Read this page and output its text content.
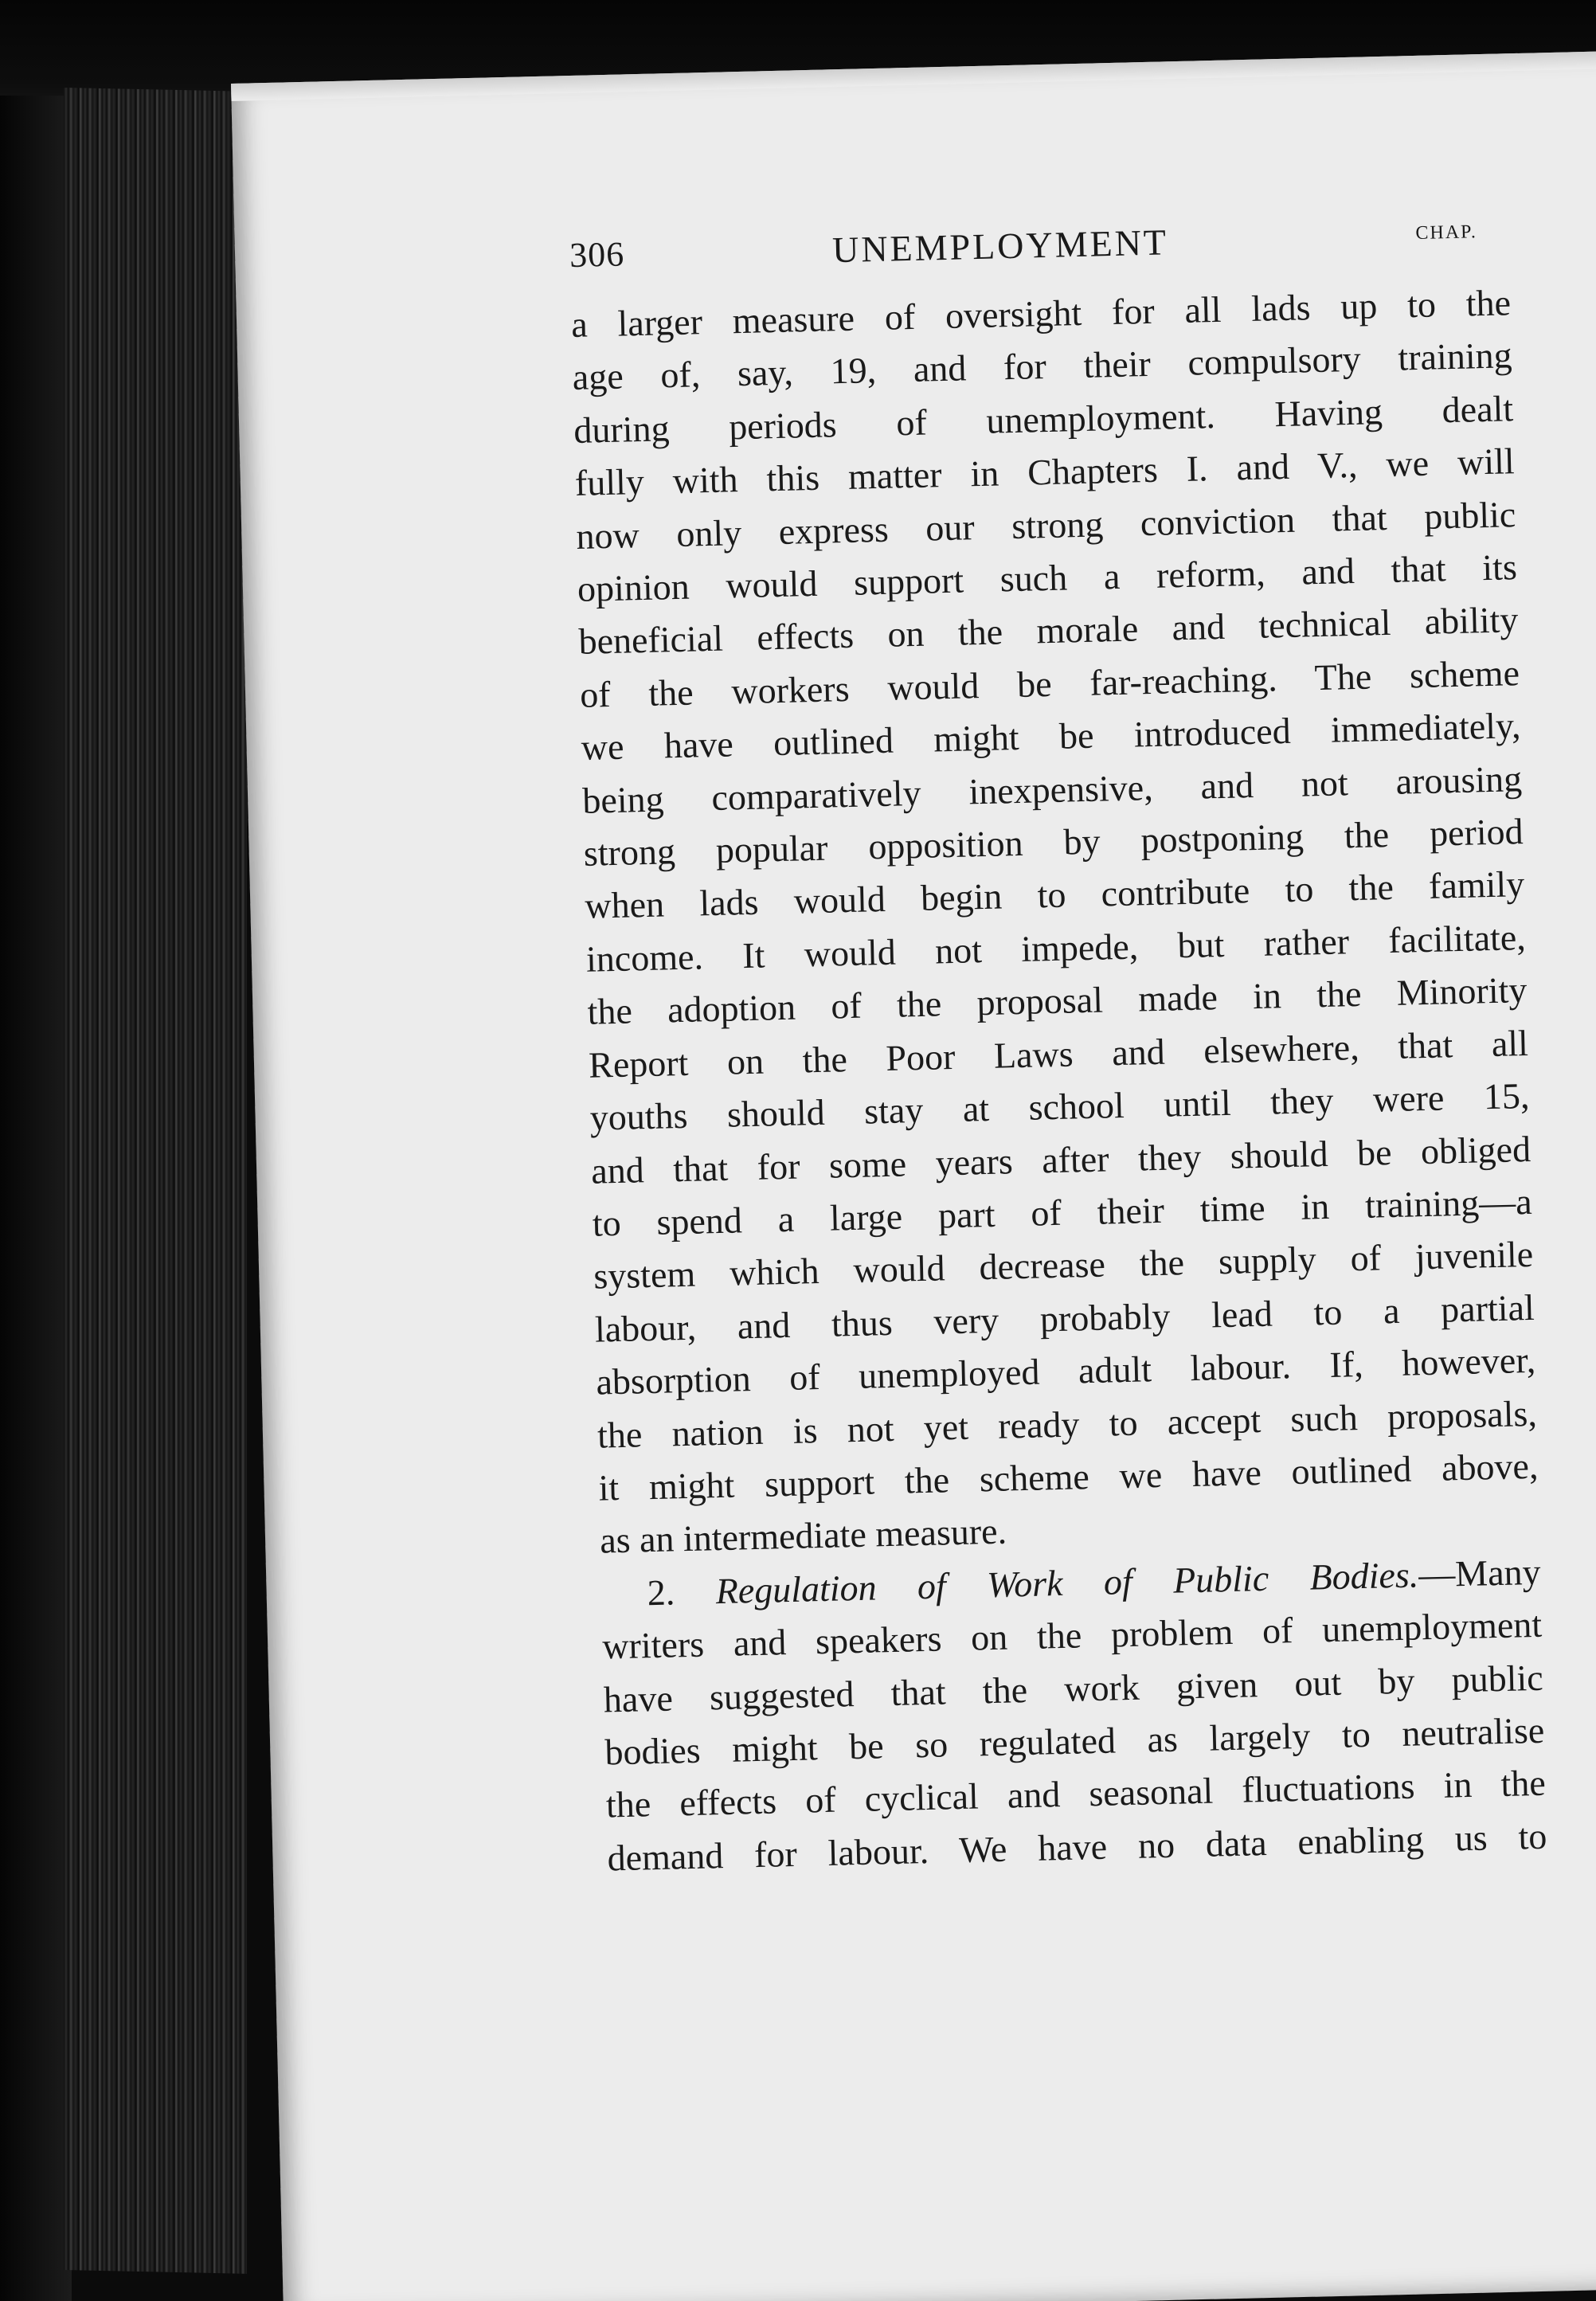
306	UNEMPLOYMENT	CHAP.
a larger measure of oversight for all lads up to the
age of, say, 19, and for their compulsory training
during periods of unemployment. Having dealt
fully with this matter in Chapters I. and V., we will
now only express our strong conviction that public
opinion would support such a reform, and that its
beneficial effects on the morale and technical ability
of the workers would be far-reaching. The scheme
we have outlined might be introduced immediately,
being comparatively inexpensive, and not arousing
strong popular opposition by postponing the period
when lads would begin to contribute to the family
income. It would not impede, but rather facilitate,
the adoption of the proposal made in the Minority
Report on the Poor Laws and elsewhere, that all
youths should stay at school until they were 15,
and that for some years after they should be obliged
to spend a large part of their time in training—a
system which would decrease the supply of juvenile
labour, and thus very probably lead to a partial
absorption of unemployed adult labour. If, however,
the nation is not yet ready to accept such proposals,
it might support the scheme we have outlined above,
as an intermediate measure.
2. Regulation of Work of Public Bodies.—Many
writers and speakers on the problem of unemployment
have suggested that the work given out by public
bodies might be so regulated as largely to neutralise
the effects of cyclical and seasonal fluctuations in the
demand for labour. We have no data enabling us to
